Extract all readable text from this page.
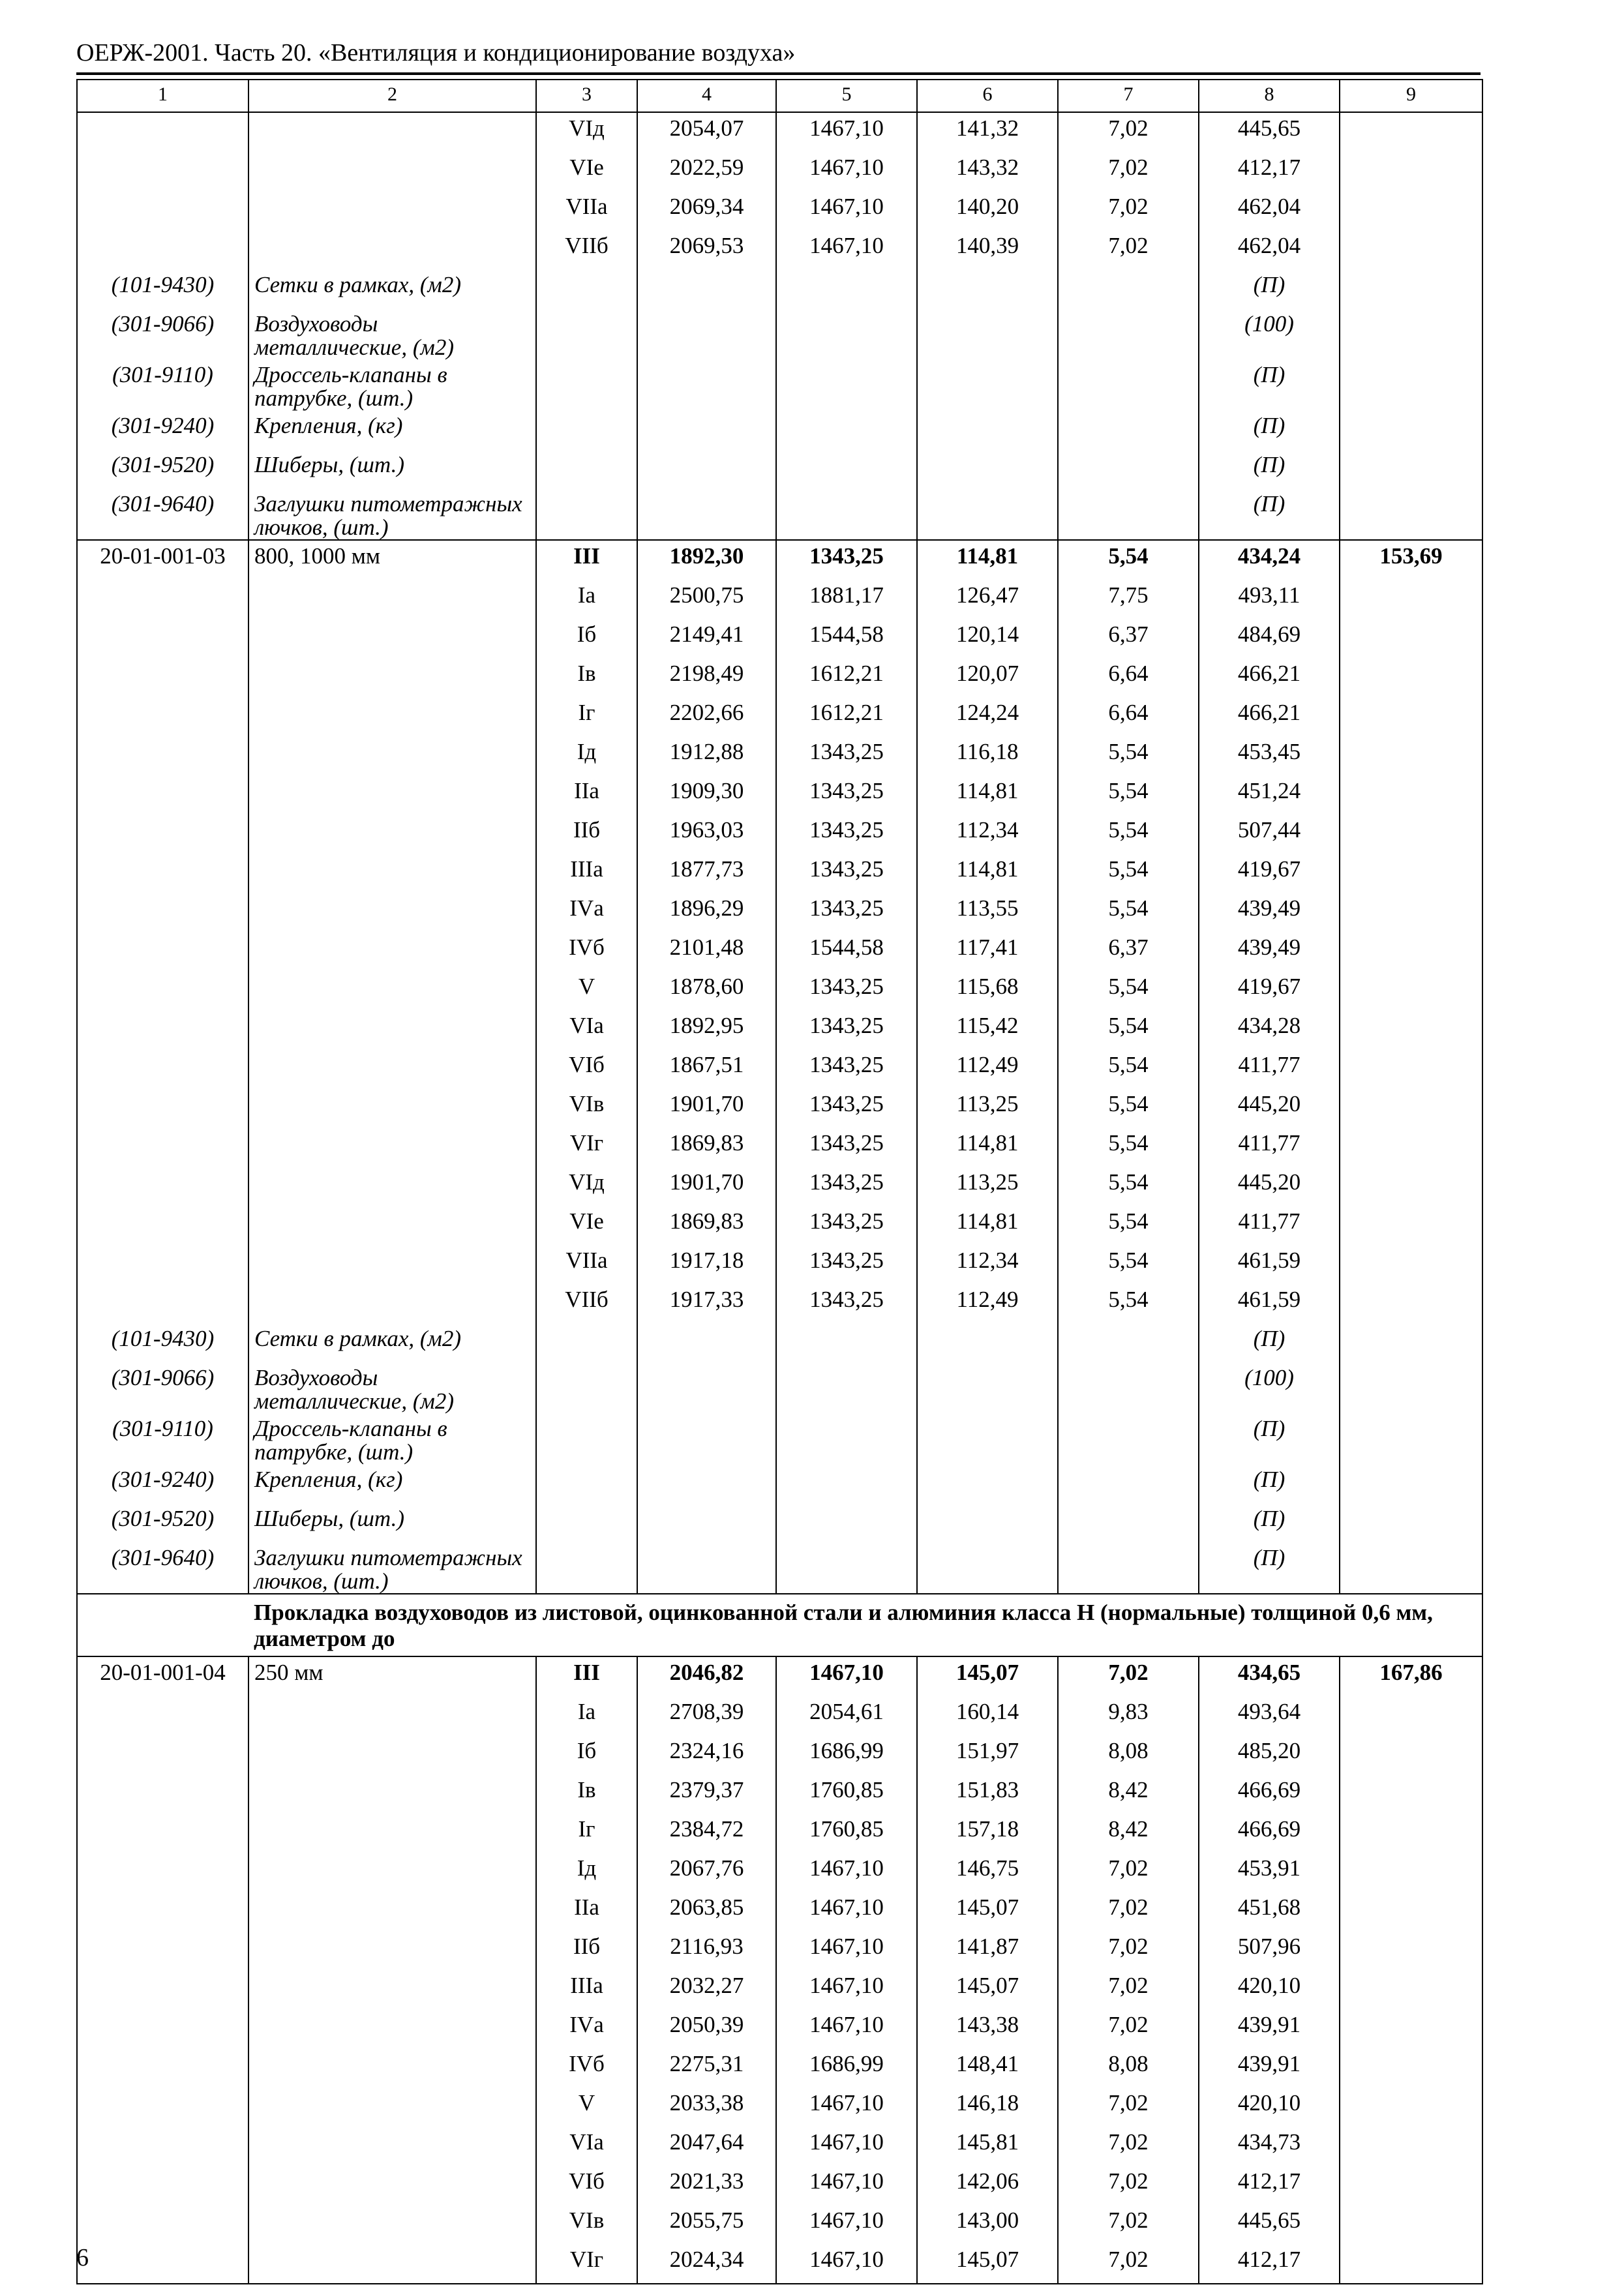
ОЕРЖ-2001. Часть 20. «Вентиляция и кондиционирование воздуха»
1	2	3	4	5	6	7	8	9
		VIд	2054,07	1467,10	141,32	7,02	445,65	
		VIе	2022,59	1467,10	143,32	7,02	412,17	
		VIIа	2069,34	1467,10	140,20	7,02	462,04	
		VIIб	2069,53	1467,10	140,39	7,02	462,04	
(101-9430)	Сетки в рамках, (м2)						(П)	
(301-9066)	Воздуховоды металлические, (м2)						(100)	
(301-9110)	Дроссель-клапаны в патрубке, (шт.)						(П)	
(301-9240)	Крепления, (кг)						(П)	
(301-9520)	Шиберы, (шт.)						(П)	
(301-9640)	Заглушки питометражных лючков, (шт.)						(П)	
20-01-001-03	800, 1000 мм	III	1892,30	1343,25	114,81	5,54	434,24	153,69
		Iа	2500,75	1881,17	126,47	7,75	493,11	
		Iб	2149,41	1544,58	120,14	6,37	484,69	
		Iв	2198,49	1612,21	120,07	6,64	466,21	
		Iг	2202,66	1612,21	124,24	6,64	466,21	
		Iд	1912,88	1343,25	116,18	5,54	453,45	
		IIа	1909,30	1343,25	114,81	5,54	451,24	
		IIб	1963,03	1343,25	112,34	5,54	507,44	
		IIIа	1877,73	1343,25	114,81	5,54	419,67	
		IVа	1896,29	1343,25	113,55	5,54	439,49	
		IVб	2101,48	1544,58	117,41	6,37	439,49	
		V	1878,60	1343,25	115,68	5,54	419,67	
		VIа	1892,95	1343,25	115,42	5,54	434,28	
		VIб	1867,51	1343,25	112,49	5,54	411,77	
		VIв	1901,70	1343,25	113,25	5,54	445,20	
		VIг	1869,83	1343,25	114,81	5,54	411,77	
		VIд	1901,70	1343,25	113,25	5,54	445,20	
		VIе	1869,83	1343,25	114,81	5,54	411,77	
		VIIа	1917,18	1343,25	112,34	5,54	461,59	
		VIIб	1917,33	1343,25	112,49	5,54	461,59	
(101-9430)	Сетки в рамках, (м2)						(П)	
(301-9066)	Воздуховоды металлические, (м2)						(100)	
(301-9110)	Дроссель-клапаны в патрубке, (шт.)						(П)	
(301-9240)	Крепления, (кг)						(П)	
(301-9520)	Шиберы, (шт.)						(П)	
(301-9640)	Заглушки питометражных лючков, (шт.)						(П)	
	Прокладка воздуховодов из листовой, оцинкованной стали и алюминия класса Н (нормальные) толщиной 0,6 мм, диаметром до							
20-01-001-04	250 мм	III	2046,82	1467,10	145,07	7,02	434,65	167,86
		Iа	2708,39	2054,61	160,14	9,83	493,64	
		Iб	2324,16	1686,99	151,97	8,08	485,20	
		Iв	2379,37	1760,85	151,83	8,42	466,69	
		Iг	2384,72	1760,85	157,18	8,42	466,69	
		Iд	2067,76	1467,10	146,75	7,02	453,91	
		IIа	2063,85	1467,10	145,07	7,02	451,68	
		IIб	2116,93	1467,10	141,87	7,02	507,96	
		IIIа	2032,27	1467,10	145,07	7,02	420,10	
		IVа	2050,39	1467,10	143,38	7,02	439,91	
		IVб	2275,31	1686,99	148,41	8,08	439,91	
		V	2033,38	1467,10	146,18	7,02	420,10	
		VIа	2047,64	1467,10	145,81	7,02	434,73	
		VIб	2021,33	1467,10	142,06	7,02	412,17	
		VIв	2055,75	1467,10	143,00	7,02	445,65	
		VIг	2024,34	1467,10	145,07	7,02	412,17	
6
